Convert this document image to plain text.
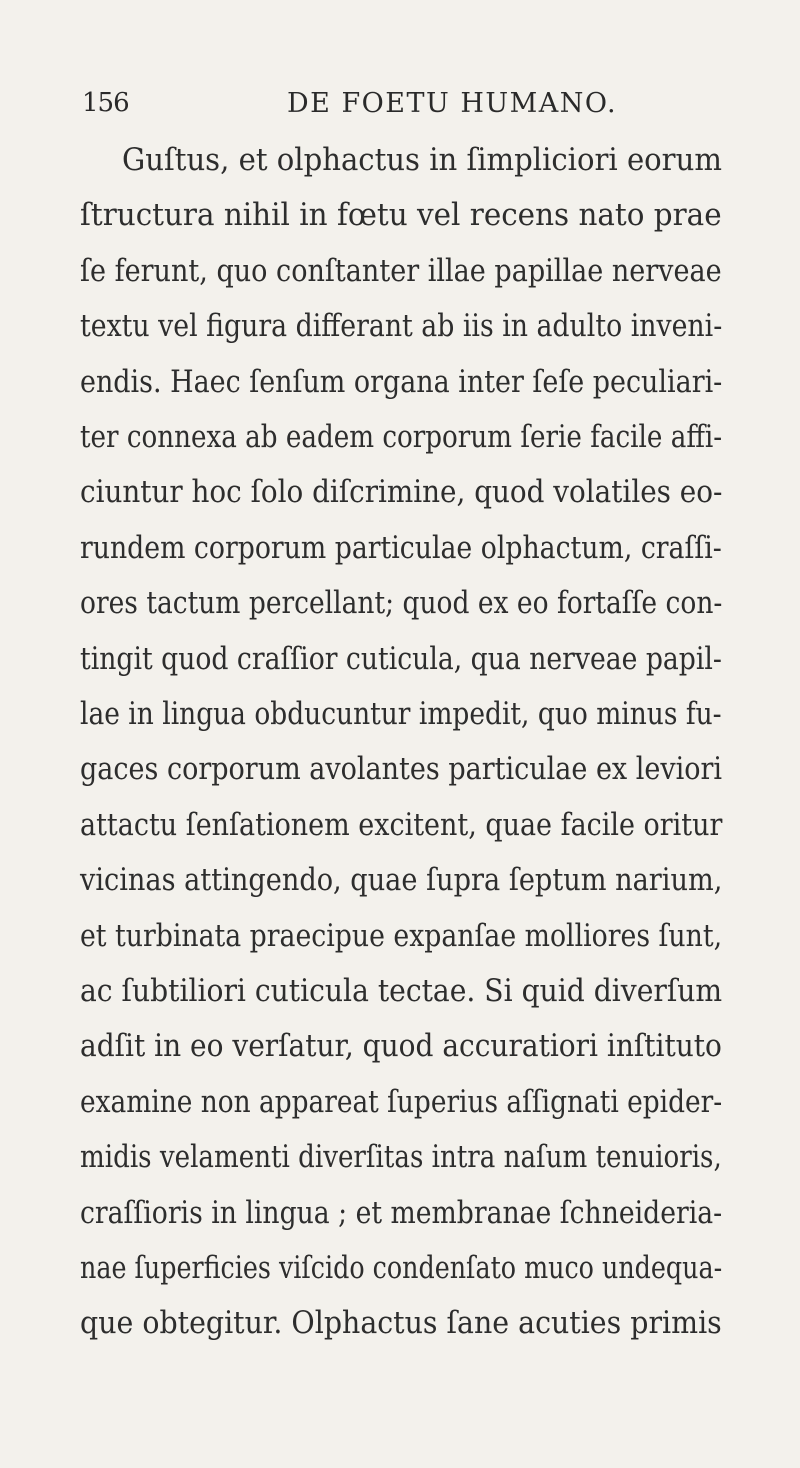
156	DE FOETU HUMANO.
Guſtus, et olphactus in ſimpliciori eorum
ſtructura nihil in fœtu vel recens nato prae
ſe ferunt, quo conſtanter illae papillae nerveae
textu vel figura differant ab iis in adulto inveni-
endis. Haec ſenſum organa inter ſeſe peculiari-
ter connexa ab eadem corporum ſerie facile affi-
ciuntur hoc ſolo diſcrimine, quod volatiles eo-
rundem corporum particulae olphactum, craſſi-
ores tactum percellant; quod ex eo fortaſſe con-
tingit quod craſſior cuticula, qua nerveae papil-
lae in lingua obducuntur impedit, quo minus fu-
gaces corporum avolantes particulae ex leviori
attactu ſenſationem excitent, quae facile oritur
vicinas attingendo, quae ſupra ſeptum narium,
et turbinata praecipue expanſae molliores ſunt,
ac ſubtiliori cuticula tectae. Si quid diverſum
adſit in eo verſatur, quod accuratiori inſtituto
examine non appareat ſuperius aſſignati epider-
midis velamenti diverſitas intra naſum tenuioris,
craſſioris in lingua ; et membranae ſchneideria-
nae ſuperficies viſcido condenſato muco undequa-
que obtegitur. Olphactus ſane acuties primis
